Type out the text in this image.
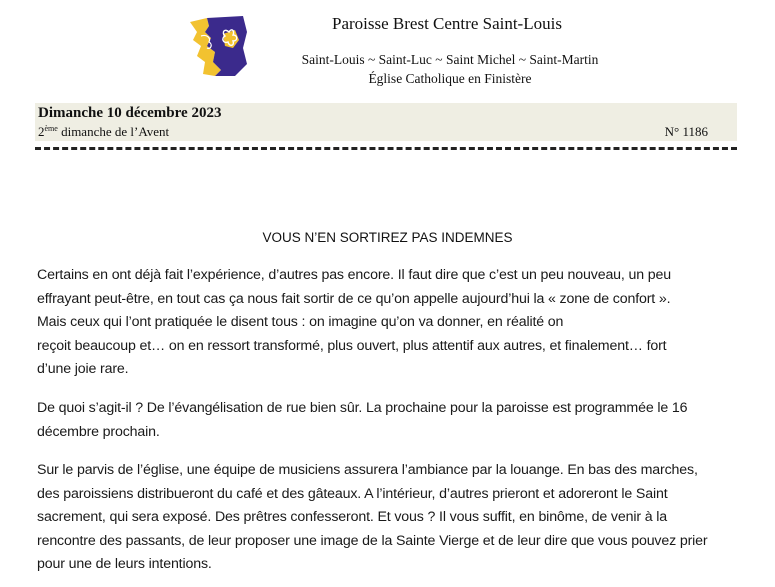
Paroisse Brest Centre Saint-Louis
Saint-Louis ~ Saint-Luc ~ Saint Michel ~ Saint-Martin
Église Catholique en Finistère
Dimanche 10 décembre 2023
2ème dimanche de l’Avent	N° 1186
VOUS N’EN SORTIREZ PAS INDEMNES

Certains en ont déjà fait l’expérience, d’autres pas encore. Il faut dire que c’est un peu nouveau, un peu
effrayant peut-être, en tout cas ça nous fait sortir de ce qu’on appelle aujourd’hui la « zone de confort ».
Mais ceux qui l’ont pratiquée le disent tous : on imagine qu’on va donner, en réalité on
reçoit beaucoup et… on en ressort transformé, plus ouvert, plus attentif aux autres, et finalement… fort
d’une joie rare.

De quoi s’agit-il ? De l’évangélisation de rue bien sûr. La prochaine pour la paroisse est programmée le 16
décembre prochain.

Sur le parvis de l’église, une équipe de musiciens assurera l’ambiance par la louange. En bas des marches,
des paroissiens distribueront du café et des gâteaux. A l’intérieur, d’autres prieront et adoreront le Saint
sacrement, qui sera exposé. Des prêtres confesseront. Et vous ? Il vous suffit, en binôme, de venir à la
rencontre des passants, de leur proposer une image de la Sainte Vierge et de leur dire que vous pouvez prier
pour une de leurs intentions.
